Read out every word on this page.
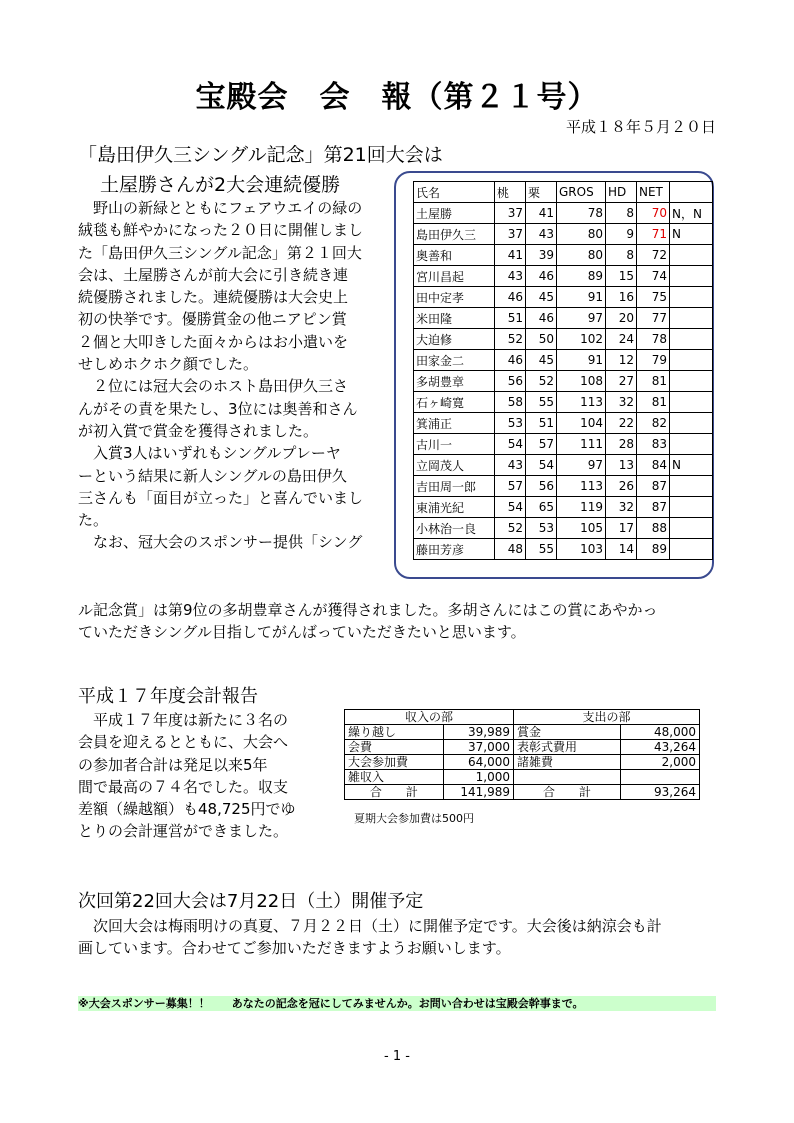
宝殿会　会　報（第２１号）
平成１８年５月２０日
「島田伊久三シングル記念」第21回大会は
土屋勝さんが2大会連続優勝
　野山の新緑とともにフェアウエイの緑の
絨毯も鮮やかになった２０日に開催しまし
た「島田伊久三シングル記念」第２１回大
会は、土屋勝さんが前大会に引き続き連
続優勝されました。連続優勝は大会史上
初の快挙です。優勝賞金の他ニアピン賞
２個と大叩きした面々からはお小遣いを
せしめホクホク顔でした。
　２位には冠大会のホスト島田伊久三さ
んがその責を果たし、3位には奥善和さん
が初入賞で賞金を獲得されました。
　入賞3人はいずれもシングルプレーヤ
ーという結果に新人シングルの島田伊久
三さんも「面目が立った」と喜んでいまし
た。
　なお、冠大会のスポンサー提供「シング
ル記念賞」は第9位の多胡豊章さんが獲得されました。多胡さんにはこの賞にあやかっ
ていただきシングル目指してがんばっていただきたいと思います。
氏名	桃	栗	GROS	HD	NET	
土屋勝	37	41	78	8	70	N，N
島田伊久三	37	43	80	9	71	N
奥善和	41	39	80	8	72	
宮川昌起	43	46	89	15	74	
田中定孝	46	45	91	16	75	
米田隆	51	46	97	20	77	
大迫修	52	50	102	24	78	
田家金二	46	45	91	12	79	
多胡豊章	56	52	108	27	81	
石ヶ崎寛	58	55	113	32	81	
箕浦正	53	51	104	22	82	
古川一	54	57	111	28	83	
立岡茂人	43	54	97	13	84	N
吉田周一郎	57	56	113	26	87	
東浦光紀	54	65	119	32	87	
小林治一良	52	53	105	17	88	
藤田芳彦	48	55	103	14	89	
平成１７年度会計報告
　平成１７年度は新たに３名の
会員を迎えるとともに、大会へ
の参加者合計は発足以来5年
間で最高の７４名でした。収支
差額（繰越額）も48,725円でゆ
とりの会計運営ができました。
収入の部		支出の部	
繰り越し	39,989	賞金	48,000
会費	37,000	表彰式費用	43,264
大会参加費	64,000	諸雑費	2,000
雑収入	1,000		
合　　計	141,989	合　　計	93,264
夏期大会参加費は500円
次回第22回大会は7月22日（土）開催予定
　次回大会は梅雨明けの真夏、７月２２日（土）に開催予定です。大会後は納涼会も計
画しています。合わせてご参加いただきますようお願いします。
※大会スポンサー募集！！　　あなたの記念を冠にしてみませんか。お問い合わせは宝殿会幹事まで。
- 1 -
